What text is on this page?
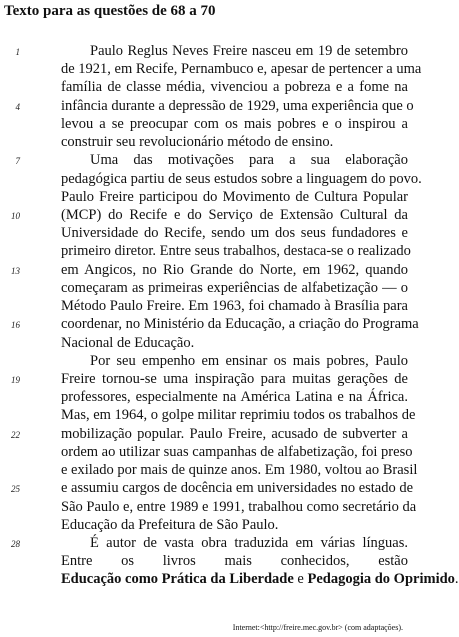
Texto para as questões de 68 a 70
Paulo Reglus Neves Freire nasceu em 19 de setembro
de 1921, em Recife, Pernambuco e, apesar de pertencer a uma
família de classe média, vivenciou a pobreza e a fome na
infância durante a depressão de 1929, uma experiência que o
levou a se preocupar com os mais pobres e o inspirou a
construir seu revolucionário método de ensino.
Uma das motivações para a sua elaboração
pedagógica partiu de seus estudos sobre a linguagem do povo.
Paulo Freire participou do Movimento de Cultura Popular
(MCP) do Recife e do Serviço de Extensão Cultural da
Universidade do Recife, sendo um dos seus fundadores e
primeiro diretor. Entre seus trabalhos, destaca-se o realizado
em Angicos, no Rio Grande do Norte, em 1962, quando
começaram as primeiras experiências de alfabetização — o
Método Paulo Freire. Em 1963, foi chamado à Brasília para
coordenar, no Ministério da Educação, a criação do Programa
Nacional de Educação.
Por seu empenho em ensinar os mais pobres, Paulo
Freire tornou-se uma inspiração para muitas gerações de
professores, especialmente na América Latina e na África.
Mas, em 1964, o golpe militar reprimiu todos os trabalhos de
mobilização popular. Paulo Freire, acusado de subverter a
ordem ao utilizar suas campanhas de alfabetização, foi preso
e exilado por mais de quinze anos. Em 1980, voltou ao Brasil
e assumiu cargos de docência em universidades no estado de
São Paulo e, entre 1989 e 1991, trabalhou como secretário da
Educação da Prefeitura de São Paulo.
É autor de vasta obra traduzida em várias línguas.
Entre os livros mais conhecidos, estão
Educação como Prática da Liberdade e Pedagogia do Oprimido.
1
4
7
10
13
16
19
22
25
28
Internet:<http://freire.mec.gov.br> (com adaptações).
